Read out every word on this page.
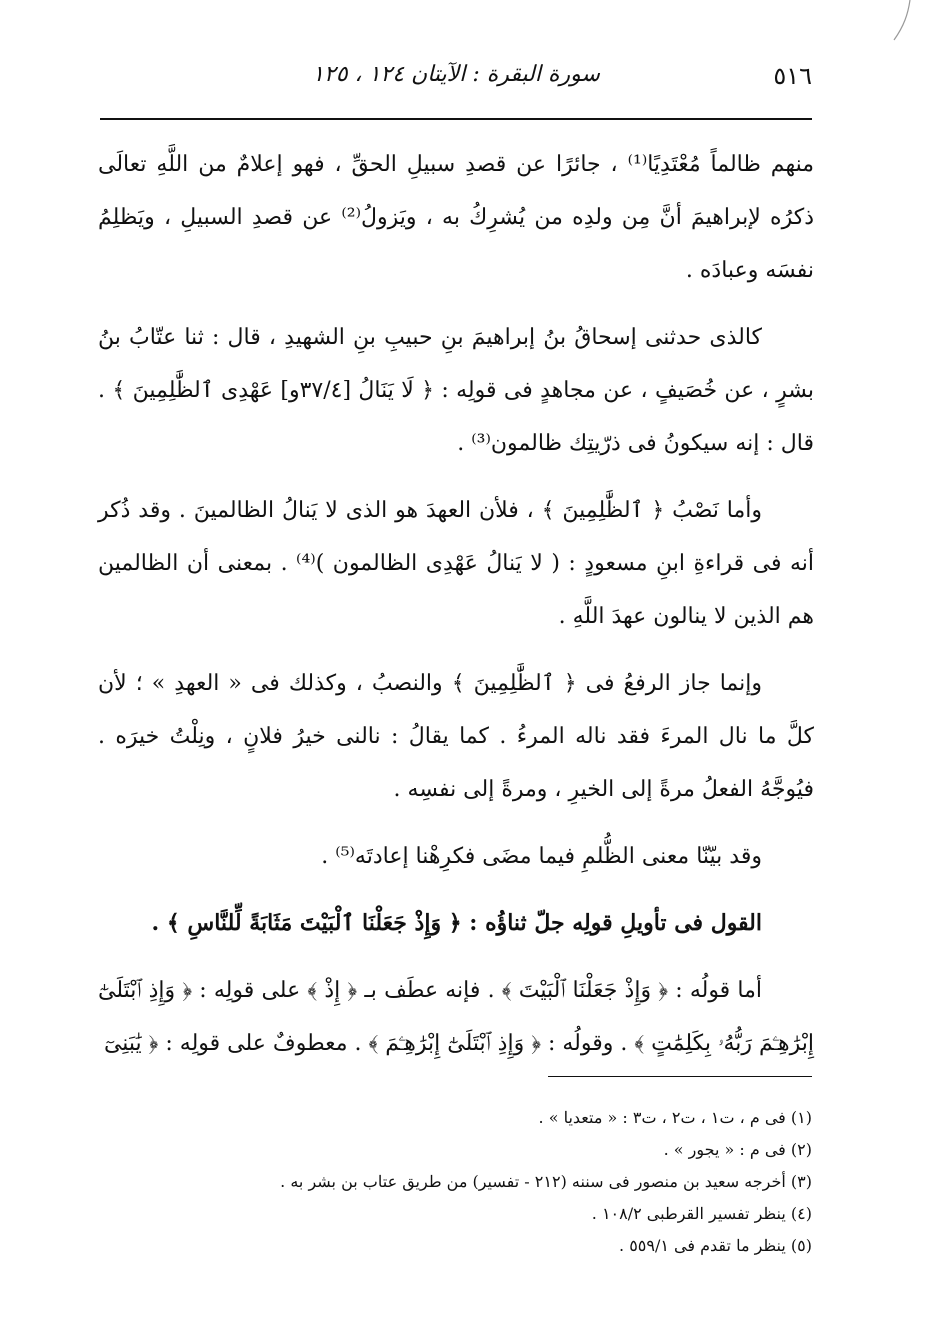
٥١٦
سورة البقرة : الآيتان ١٢٤ ، ١٢٥

منهم ظالماً مُعْتَدِيًا⁽¹⁾ ، جائرًا عن قصدِ سبيلِ الحقِّ ، فهو إعلامٌ من اللَّهِ تعالَى ذكرُه لإبراهيمَ أنَّ مِن ولدِه من يُشرِكُ به ، ويَزولُ⁽²⁾ عن قصدِ السبيلِ ، ويَظلِمُ نفسَه وعبادَه .

كالذى حدثنى إسحاقُ بنُ إبراهيمَ بنِ حبيبِ بنِ الشهيدِ ، قال : ثنا عتّابُ بنُ بشرٍ ، عن خُصَيفٍ ، عن مجاهدٍ فى قولِه : ﴿ لَا يَنَالُ [٣٧/٤و] عَهْدِى ٱلظَّٰلِمِينَ ﴾ . قال : إنه سيكونُ فى ذرّيتِك ظالمون⁽³⁾ .

وأما نَصْبُ ﴿ ٱلظَّٰلِمِينَ ﴾ ، فلأن العهدَ هو الذى لا يَنالُ الظالمينَ . وقد ذُكر أنه فى قراءةِ ابنِ مسعودٍ : ( لا يَنالُ عَهْدِى الظالمون )⁽⁴⁾ . بمعنى أن الظالمين هم الذين لا ينالون عهدَ اللَّهِ .

وإنما جاز الرفعُ فى ﴿ ٱلظَّٰلِمِينَ ﴾ والنصبُ ، وكذلك فى « العهدِ » ؛ لأن كلَّ ما نال المرءَ فقد ناله المرءُ . كما يقالُ : نالنى خيرُ فلانٍ ، ونِلْتُ خيرَه . فيُوجَّهُ الفعلُ مرةً إلى الخيرِ ، ومرةً إلى نفسِه .

وقد بيّنّا معنى الظُّلمِ فيما مضَى فكرِهْنا إعادتَه⁽⁵⁾ .

القول فى تأويلِ قولِه جلّ ثناؤُه : ﴿ وَإِذْ جَعَلْنَا ٱلْبَيْتَ مَثَابَةً لِّلنَّاسِ ﴾ .

أما قولُه : ﴿ وَإِذْ جَعَلْنَا ٱلْبَيْتَ ﴾ . فإنه عطَف بـ ﴿ إِذْ ﴾ على قولِه : ﴿ وَإِذِ ٱبْتَلَىٰٓ إِبْرَٰهِـۧمَ رَبُّهُۥ بِكَلِمَٰتٍ ﴾ . وقولُه : ﴿ وَإِذِ ٱبْتَلَىٰٓ إِبْرَٰهِـۧمَ ﴾ . معطوفٌ على قولِه : ﴿ يَٰبَنِىٓ

(١) فى م ، ت١ ، ت٢ ، ت٣ : « متعديا » .
(٢) فى م : « يجور » .
(٣) أخرجه سعيد بن منصور فى سننه (٢١٢ - تفسير) من طريق عتاب بن بشر به .
(٤) ينظر تفسير القرطبى ١٠٨/٢ .
(٥) ينظر ما تقدم فى ٥٥٩/١ .
